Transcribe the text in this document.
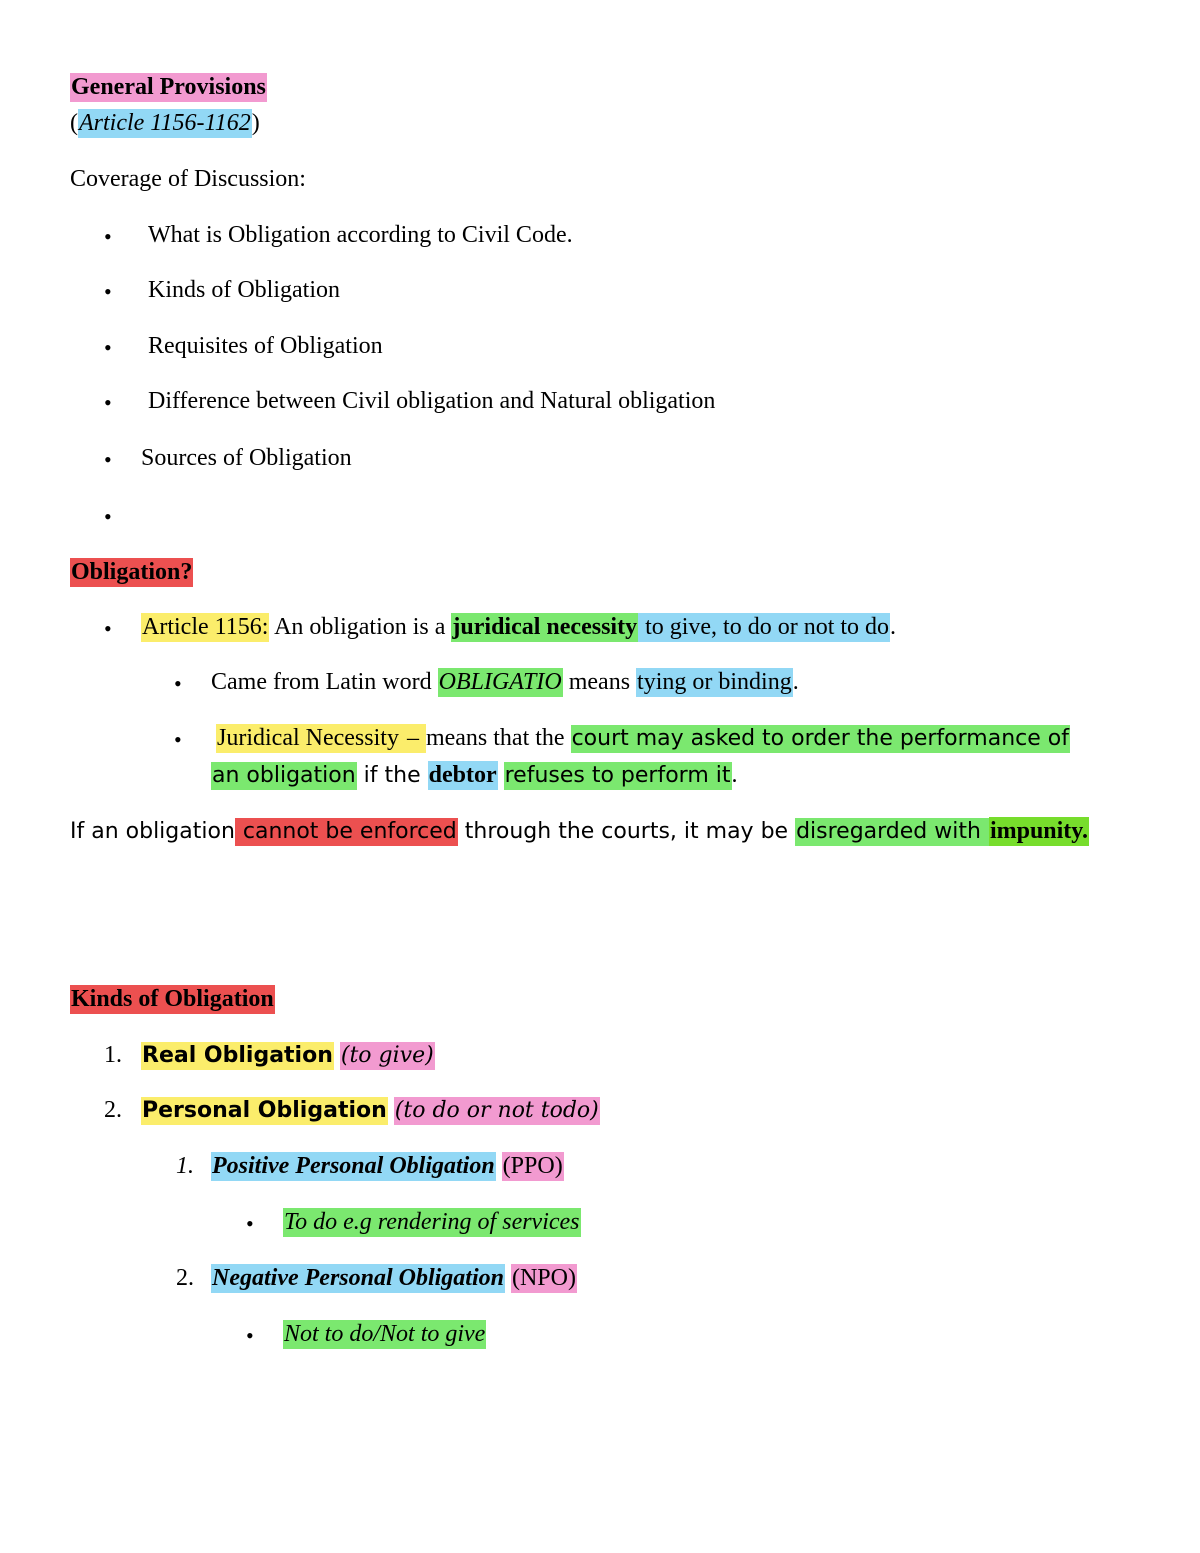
General Provisions
(Article 1156-1162)
Coverage of Discussion:
• What is Obligation according to Civil Code.
• Kinds of Obligation
• Requisites of Obligation
• Difference between Civil obligation and Natural obligation
• Sources of Obligation
•
Obligation?
• Article 1156: An obligation is a juridical necessity to give, to do or not to do.
• Came from Latin word OBLIGATIO means tying or binding.
• Juridical Necessity – means that the court may asked to order the performance of
an obligation if the debtor refuses to perform it.
If an obligation cannot be enforced through the courts, it may be disregarded with impunity.
Kinds of Obligation
1. Real Obligation (to give)
2. Personal Obligation (to do or not todo)
1. Positive Personal Obligation (PPO)
• To do e.g rendering of services
2. Negative Personal Obligation (NPO)
• Not to do/Not to give
